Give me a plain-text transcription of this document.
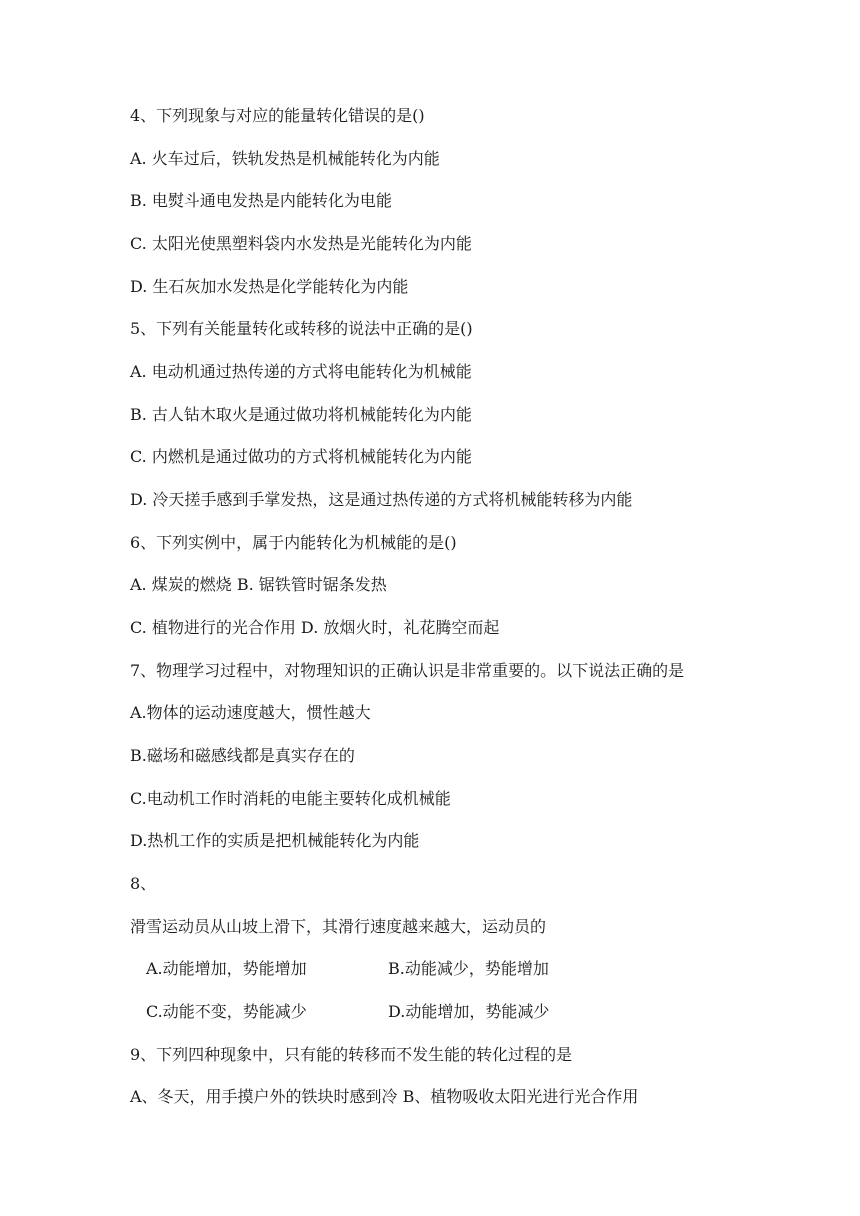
4、下列现象与对应的能量转化错误的是()
A. 火车过后，铁轨发热是机械能转化为内能
B. 电熨斗通电发热是内能转化为电能
C. 太阳光使黑塑料袋内水发热是光能转化为内能
D. 生石灰加水发热是化学能转化为内能
5、下列有关能量转化或转移的说法中正确的是()
A. 电动机通过热传递的方式将电能转化为机械能
B. 古人钻木取火是通过做功将机械能转化为内能
C. 内燃机是通过做功的方式将机械能转化为内能
D. 冷天搓手感到手掌发热，这是通过热传递的方式将机械能转移为内能
6、下列实例中，属于内能转化为机械能的是()
A. 煤炭的燃烧 B. 锯铁管时锯条发热
C. 植物进行的光合作用 D. 放烟火时，礼花腾空而起
7、物理学习过程中，对物理知识的正确认识是非常重要的。以下说法正确的是
A.物体的运动速度越大，惯性越大
B.磁场和磁感线都是真实存在的
C.电动机工作时消耗的电能主要转化成机械能
D.热机工作的实质是把机械能转化为内能
8、
滑雪运动员从山坡上滑下，其滑行速度越来越大，运动员的
A.动能增加，势能增加	B.动能减少，势能增加
C.动能不变，势能减少	D.动能增加，势能减少
9、下列四种现象中，只有能的转移而不发生能的转化过程的是
A、冬天，用手摸户外的铁块时感到冷 B、植物吸收太阳光进行光合作用
